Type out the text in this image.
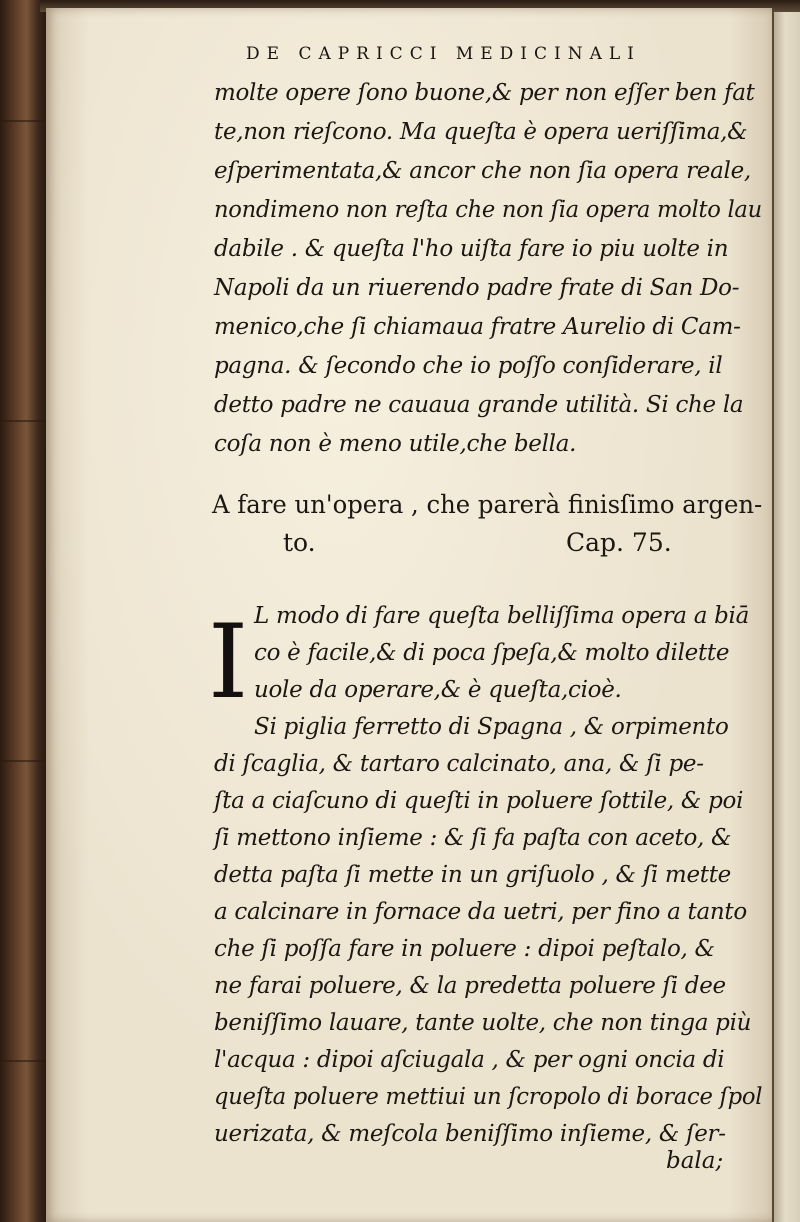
DE CAPRICCI MEDICINALI
molte opere ſono buone,& per non eſſer ben fat
te,non rieſcono. Ma queſta è opera ueriſſima,&
eſperimentata,& ancor che non ſia opera reale,
nondimeno non reſta che non ſia opera molto lau
dabile . & queſta l'ho uiſta fare io piu uolte in
Napoli da un riuerendo padre frate di San Do-
menico,che ſi chiamaua fratre Aurelio di Cam-
pagna. & ſecondo che io poſſo conſiderare, il
detto padre ne cauaua grande utilità. Si che la
coſa non è meno utile,che bella.
A fare un'opera , che parerà finisſimo argen-
to.	Cap. 75.
I L modo di fare queſta belliſſima opera a biā
co è facile,& di poca ſpeſa,& molto dilette
uole da operare,& è queſta,cioè.
Si piglia ferretto di Spagna , & orpimento
di ſcaglia, & tartaro calcinato, ana, & ſi pe-
ſta a ciaſcuno di queſti in poluere ſottile, & poi
ſi mettono inſieme : & ſi fa paſta con aceto, &
detta paſta ſi mette in un griſuolo , & ſi mette
a calcinare in fornace da uetri, per fino a tanto
che ſi poſſa fare in poluere : dipoi peſtalo, &
ne farai poluere, & la predetta poluere ſi dee
beniſſimo lauare, tante uolte, che non tinga più
l'acqua : dipoi aſciugala , & per ogni oncia di
queſta poluere mettiui un ſcropolo di borace ſpol
uerizata, & meſcola beniſſimo inſieme, & ſer-
bala;
